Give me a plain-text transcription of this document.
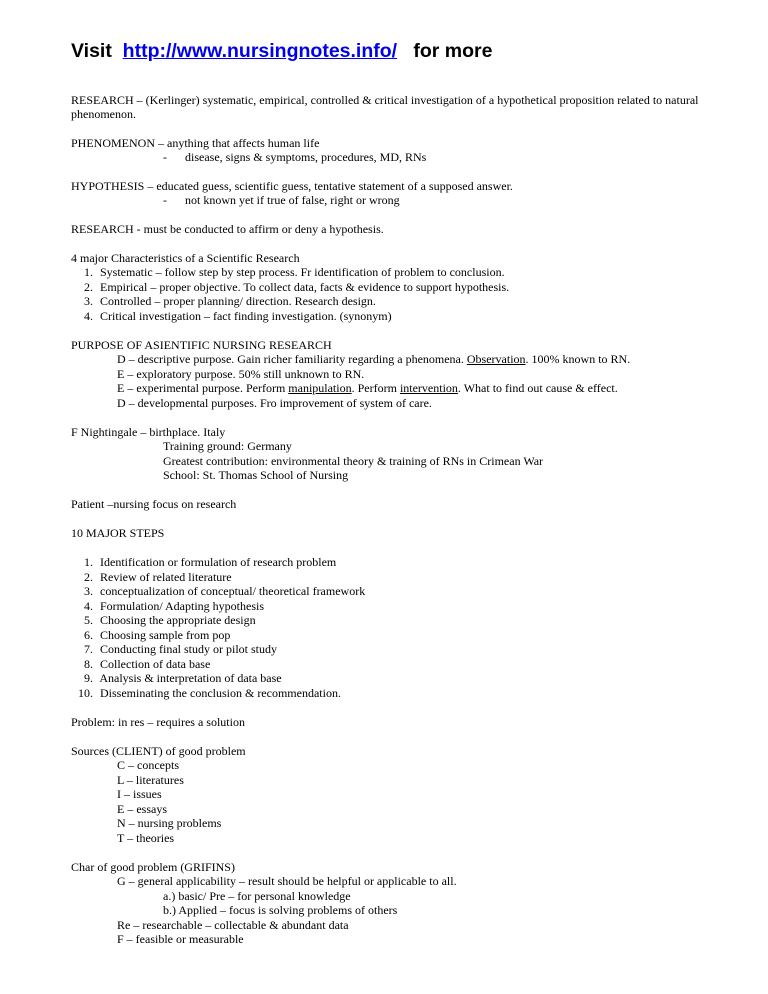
Visit http://www.nursingnotes.info/ for more
RESEARCH – (Kerlinger) systematic, empirical, controlled & critical investigation of a hypothetical proposition related to natural phenomenon.
PHENOMENON – anything that affects human life
- disease, signs & symptoms, procedures, MD, RNs
HYPOTHESIS – educated guess, scientific guess, tentative statement of a supposed answer.
- not known yet if true of false, right or wrong
RESEARCH - must be conducted to affirm or deny a hypothesis.
4 major Characteristics of a Scientific Research
1. Systematic – follow step by step process. Fr identification of problem to conclusion.
2. Empirical – proper objective. To collect data, facts & evidence to support hypothesis.
3. Controlled – proper planning/ direction. Research design.
4. Critical investigation – fact finding investigation. (synonym)
PURPOSE OF ASIENTIFIC NURSING RESEARCH
D – descriptive purpose. Gain richer familiarity regarding a phenomena. Observation. 100% known to RN.
E – exploratory purpose. 50% still unknown to RN.
E – experimental purpose. Perform manipulation. Perform intervention. What to find out cause & effect.
D – developmental purposes. Fro improvement of system of care.
F Nightingale – birthplace. Italy
Training ground: Germany
Greatest contribution: environmental theory & training of RNs in Crimean War
School: St. Thomas School of Nursing
Patient –nursing focus on research
10 MAJOR STEPS
1. Identification or formulation of research problem
2. Review of related literature
3. conceptualization of conceptual/ theoretical framework
4. Formulation/ Adapting hypothesis
5. Choosing the appropriate design
6. Choosing sample from pop
7. Conducting final study or pilot study
8. Collection of data base
9. Analysis & interpretation of data base
10. Disseminating the conclusion & recommendation.
Problem: in res – requires a solution
Sources (CLIENT) of good problem
C – concepts
L – literatures
I – issues
E – essays
N – nursing problems
T – theories
Char of good problem (GRIFINS)
G – general applicability – result should be helpful or applicable to all.
a.) basic/ Pre – for personal knowledge
b.) Applied – focus is solving problems of others
Re – researchable – collectable & abundant data
F – feasible or measurable
